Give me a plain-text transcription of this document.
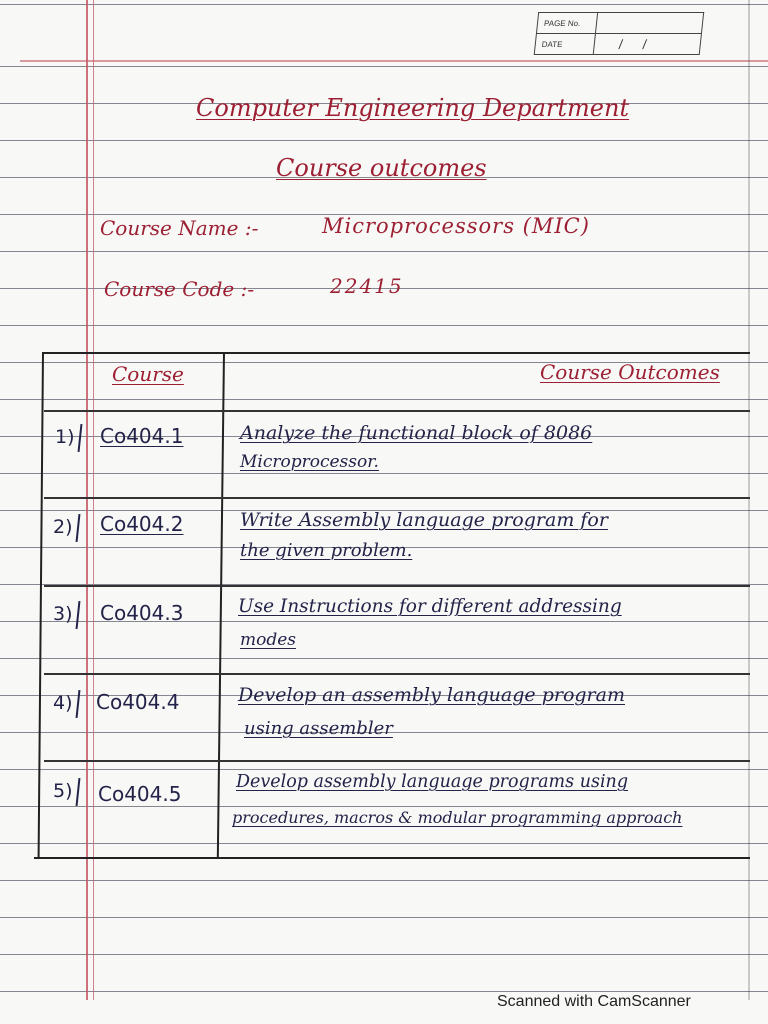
PAGE No.
DATE	/ /
Computer Engineering Department
Course outcomes
Course Name :-	Microprocessors (MIC)
Course Code :-	22415
Course	Course Outcomes
1) Co404.1	Analyze the functional block of 8086
Microprocessor.
2) Co404.2	Write Assembly language program for
the given problem.
3) Co404.3	Use Instructions for different addressing
modes
4) Co404.4	Develop an assembly language program
using assembler
5) Co404.5	Develop assembly language programs using
procedures, macros & modular programming approach
Scanned with CamScanner
